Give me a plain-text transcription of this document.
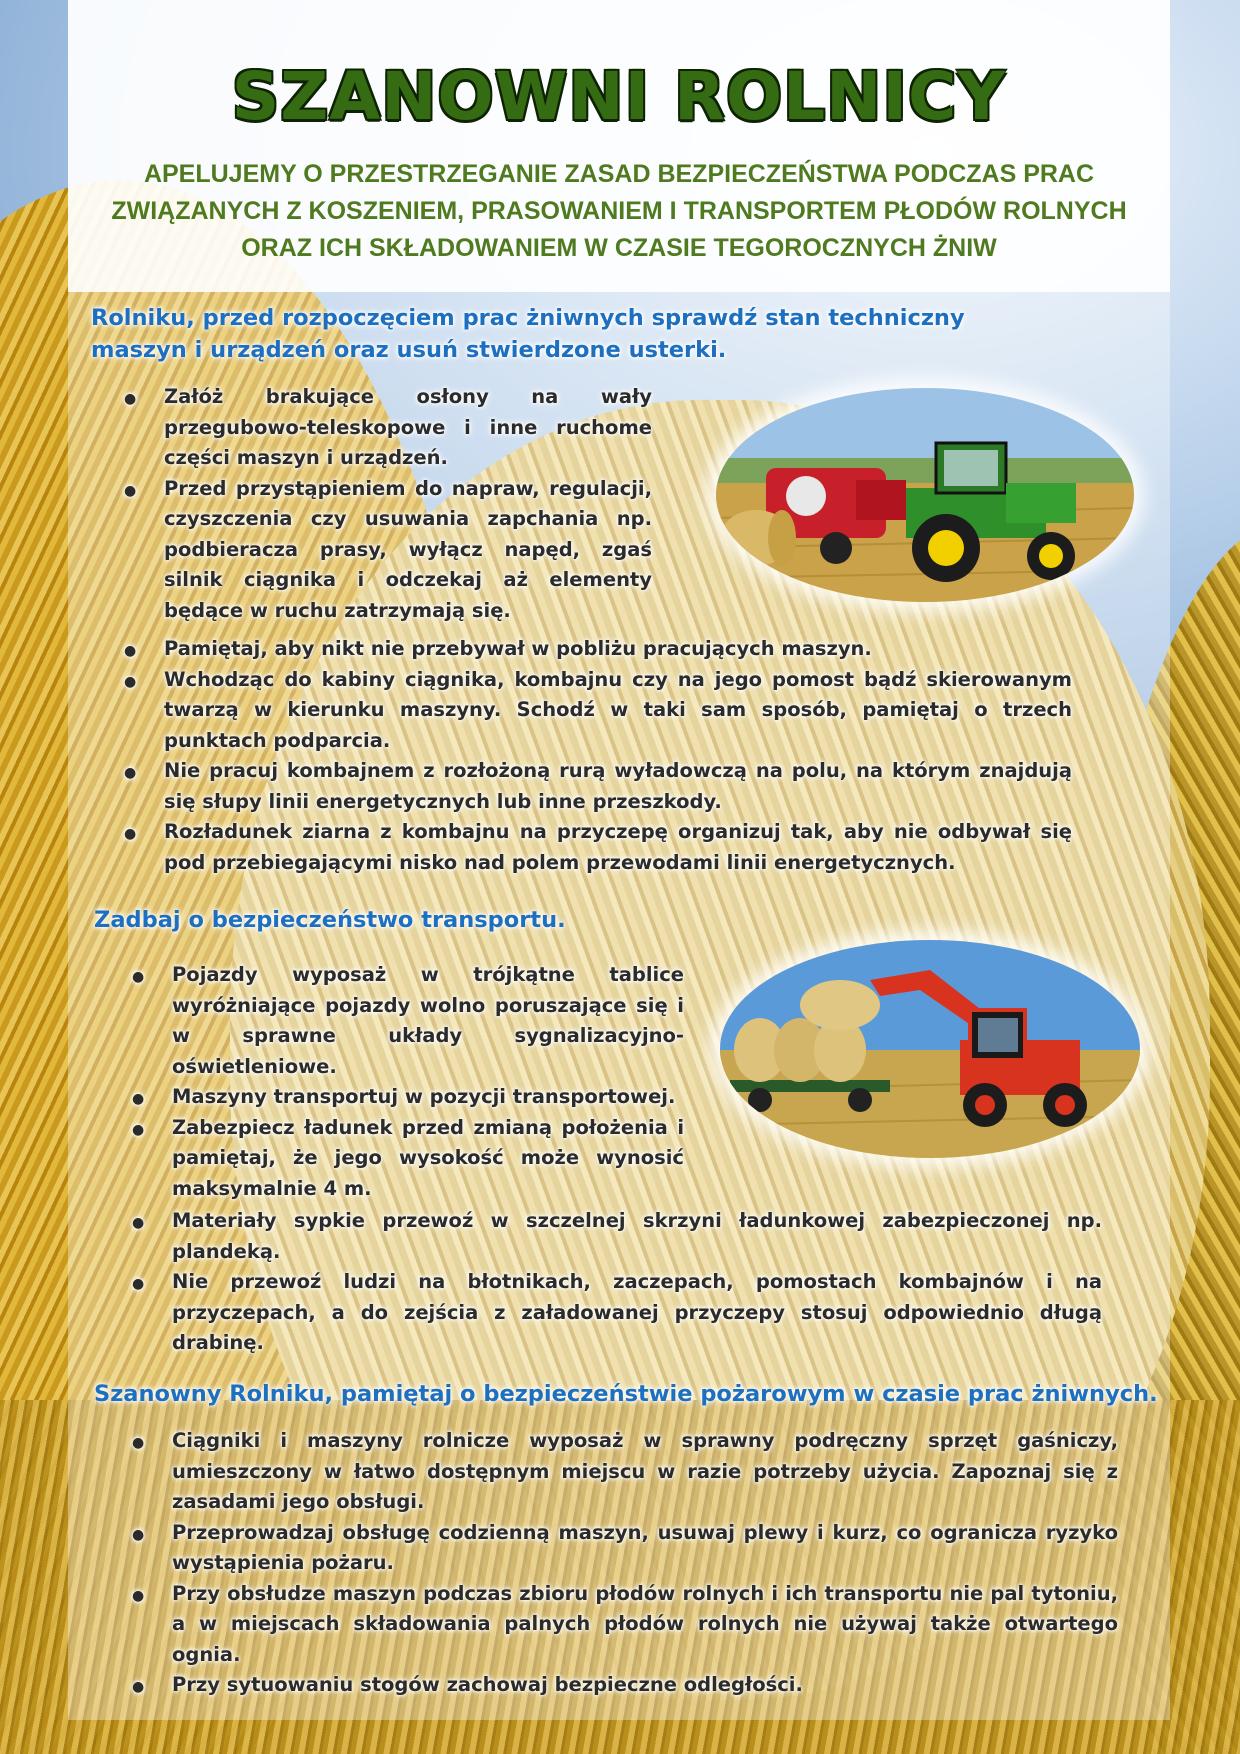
SZANOWNI ROLNICY
APELUJEMY O PRZESTRZEGANIE ZASAD BEZPIECZEŃSTWA PODCZAS PRAC
ZWIĄZANYCH Z KOSZENIEM, PRASOWANIEM I TRANSPORTEM PŁODÓW ROLNYCH
ORAZ ICH SKŁADOWANIEM W CZASIE TEGOROCZNYCH ŻNIW
Rolniku, przed rozpoczęciem prac żniwnych sprawdź stan techniczny
maszyn i urządzeń oraz usuń stwierdzone usterki.
●
Załóż brakujące osłony na wały przegubowo-teleskopowe i inne ruchome części maszyn i urządzeń.
●
Przed przystąpieniem do napraw, regulacji, czyszczenia czy usuwania zapchania np. podbieracza prasy, wyłącz napęd, zgaś silnik ciągnika i odczekaj aż elementy będące w ruchu zatrzymają się.
●
Pamiętaj, aby nikt nie przebywał w pobliżu pracujących maszyn.
●
Wchodząc do kabiny ciągnika, kombajnu czy na jego pomost bądź skierowanym twarzą w kierunku maszyny. Schodź w taki sam sposób, pamiętaj o trzech punktach podparcia.
●
Nie pracuj kombajnem z rozłożoną rurą wyładowczą na polu, na którym znajdują się słupy linii energetycznych lub inne przeszkody.
●
Rozładunek ziarna z kombajnu na przyczepę organizuj tak, aby nie odbywał się pod przebiegającymi nisko nad polem przewodami linii energetycznych.
Zadbaj o bezpieczeństwo transportu.
●
Pojazdy wyposaż w trójkątne tablice wyróżniające pojazdy wolno poruszające się i w sprawne układy sygnalizacyjno-oświetleniowe.
●
Maszyny transportuj w pozycji transportowej.
●
Zabezpiecz ładunek przed zmianą położenia i pamiętaj, że jego wysokość może wynosić maksymalnie 4 m.
●
Materiały sypkie przewoź w szczelnej skrzyni ładunkowej zabezpieczonej np. plandeką.
●
Nie przewoź ludzi na błotnikach, zaczepach, pomostach kombajnów i na przyczepach, a do zejścia z załadowanej przyczepy stosuj odpowiednio długą drabinę.
Szanowny Rolniku, pamiętaj o bezpieczeństwie pożarowym w czasie prac żniwnych.
●
Ciągniki i maszyny rolnicze wyposaż w sprawny podręczny sprzęt gaśniczy, umieszczony w łatwo dostępnym miejscu w razie potrzeby użycia. Zapoznaj się z zasadami jego obsługi.
●
Przeprowadzaj obsługę codzienną maszyn, usuwaj plewy i kurz, co ogranicza ryzyko wystąpienia pożaru.
●
Przy obsłudze maszyn podczas zbioru płodów rolnych i ich transportu nie pal tytoniu, a w miejscach składowania palnych płodów rolnych nie używaj także otwartego ognia.
●
Przy sytuowaniu stogów zachowaj bezpieczne odległości.
